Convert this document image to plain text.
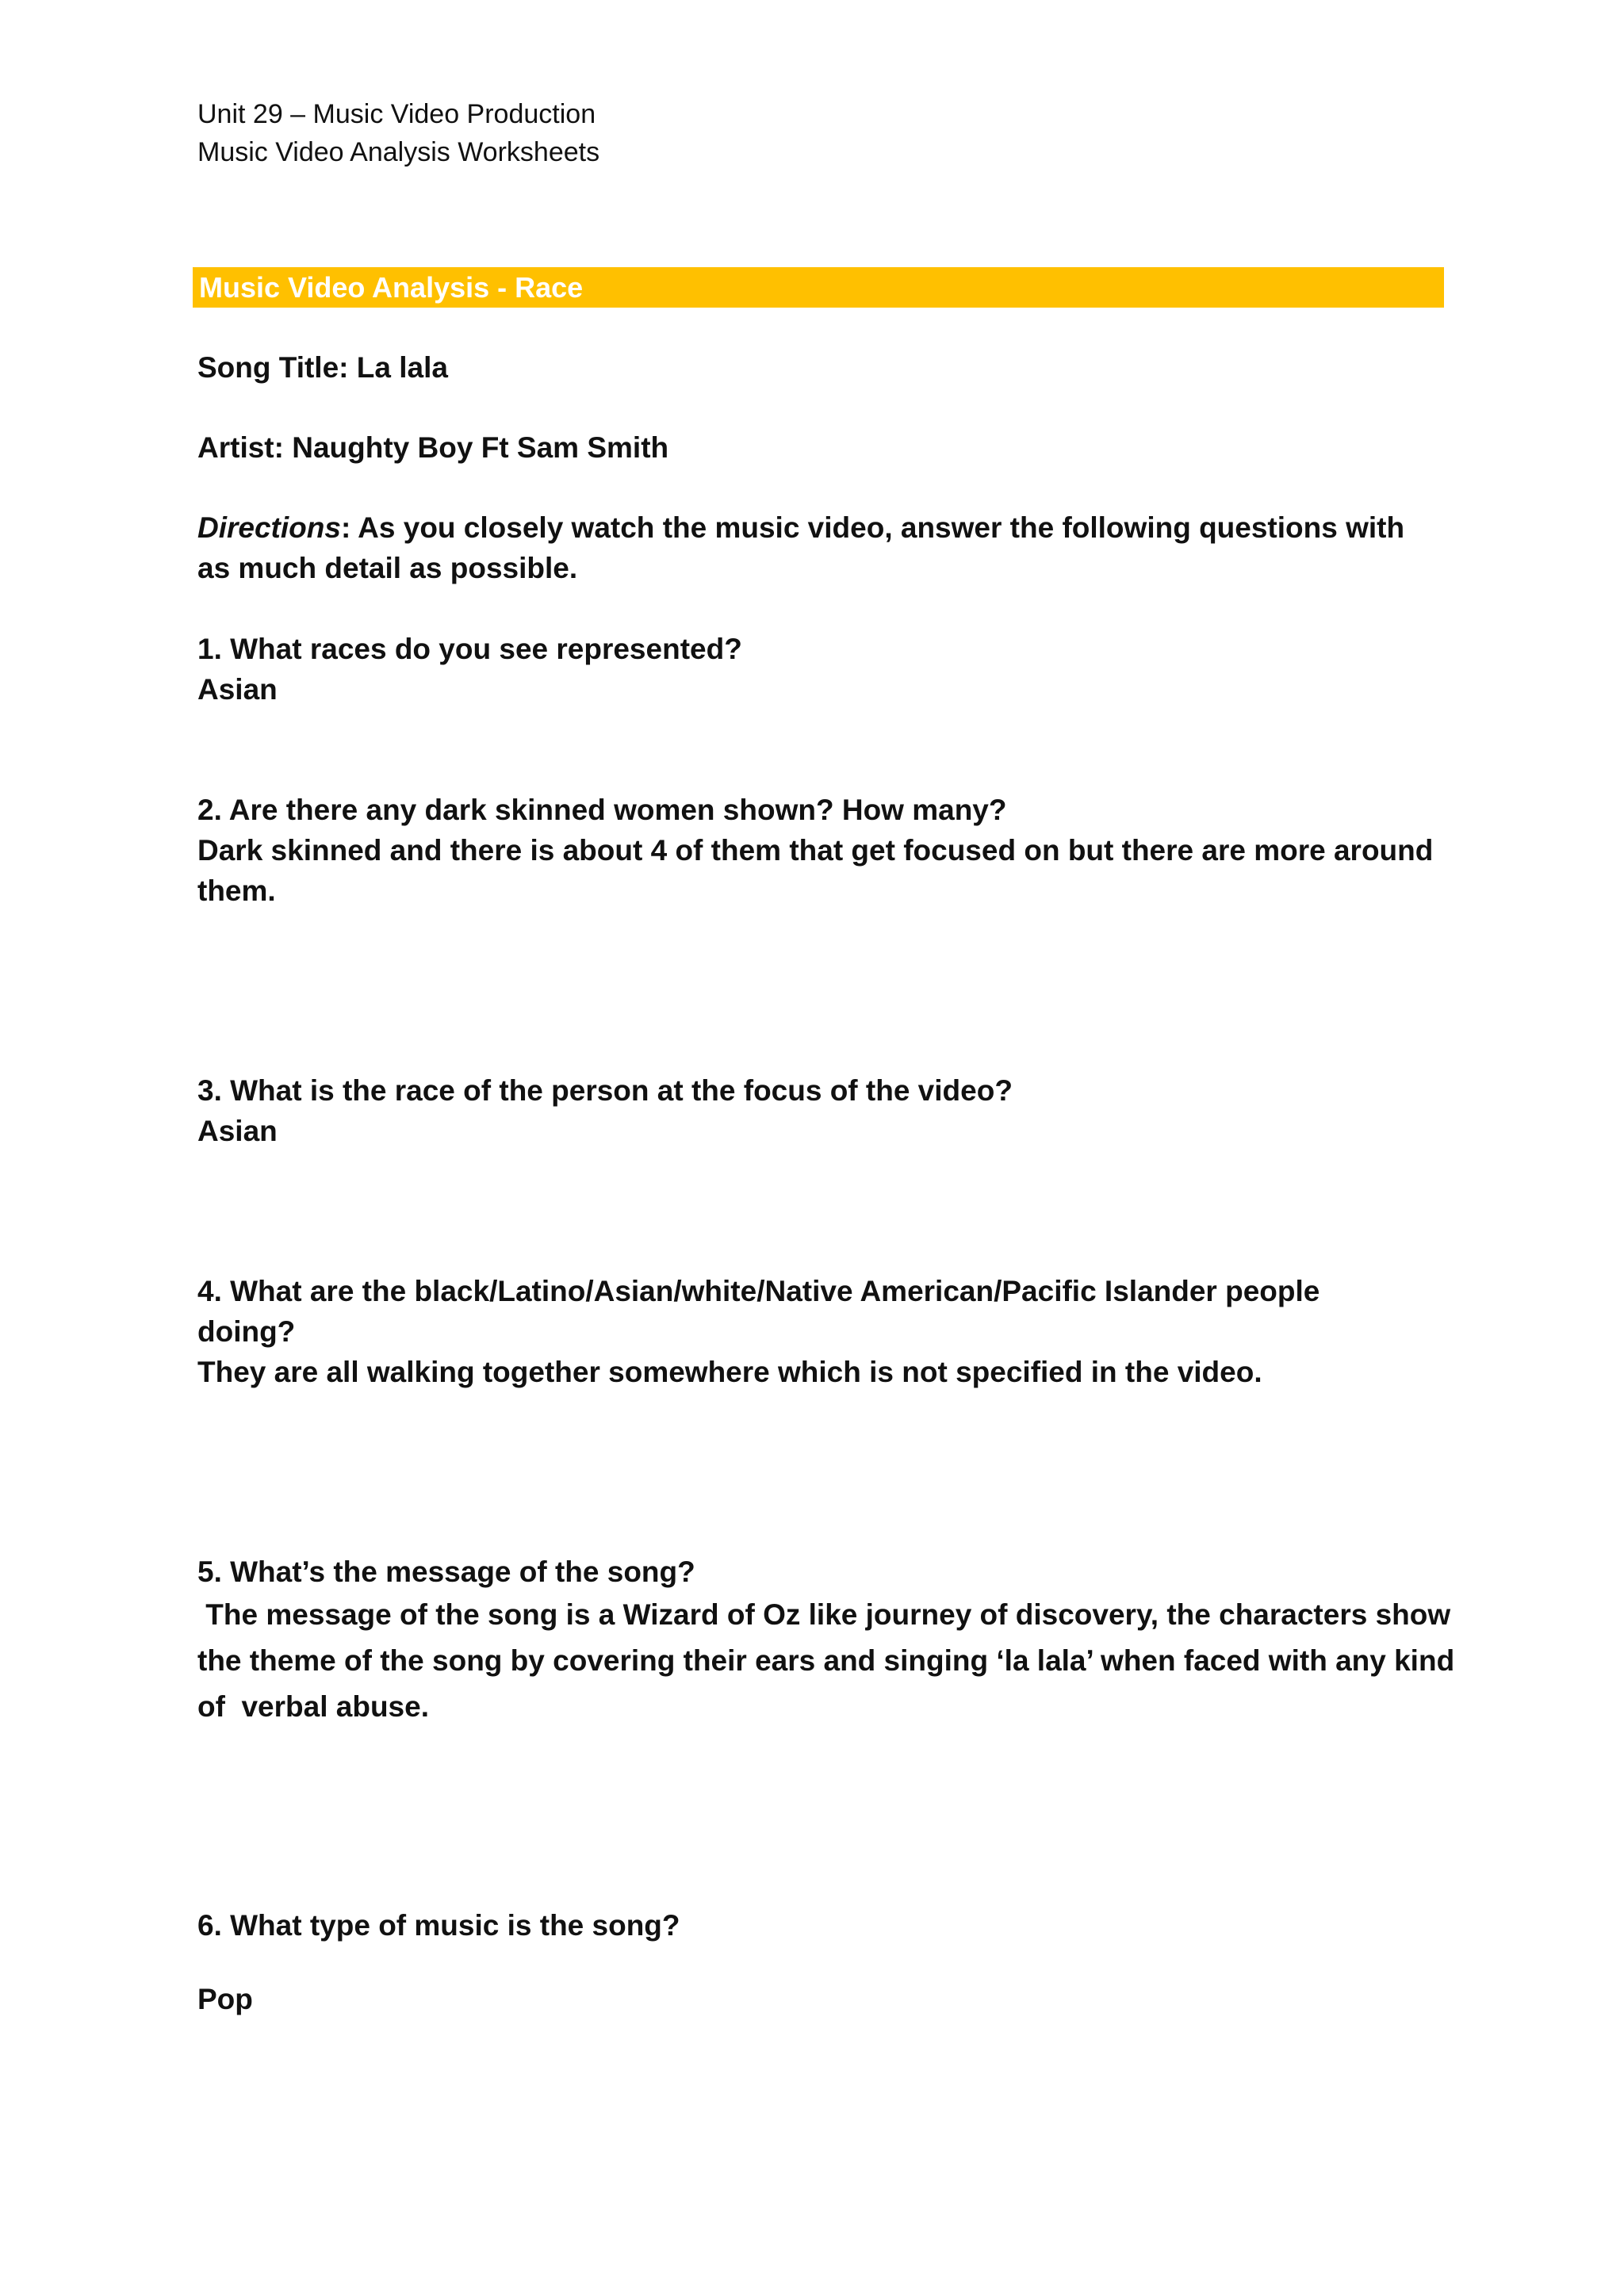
Unit 29 – Music Video Production
Music Video Analysis Worksheets
Music Video Analysis - Race
Song Title: La lala
Artist: Naughty Boy Ft Sam Smith
Directions: As you closely watch the music video, answer the following questions with
as much detail as possible.
1. What races do you see represented?
Asian
2. Are there any dark skinned women shown? How many?
Dark skinned and there is about 4 of them that get focused on but there are more around
them.
3. What is the race of the person at the focus of the video?
Asian
4. What are the black/Latino/Asian/white/Native American/Pacific Islander people
doing?
They are all walking together somewhere which is not specified in the video.
5. What’s the message of the song?
The message of the song is a Wizard of Oz like journey of discovery, the characters show
the theme of the song by covering their ears and singing ‘la lala’ when faced with any kind
of  verbal abuse.
6. What type of music is the song?
Pop
